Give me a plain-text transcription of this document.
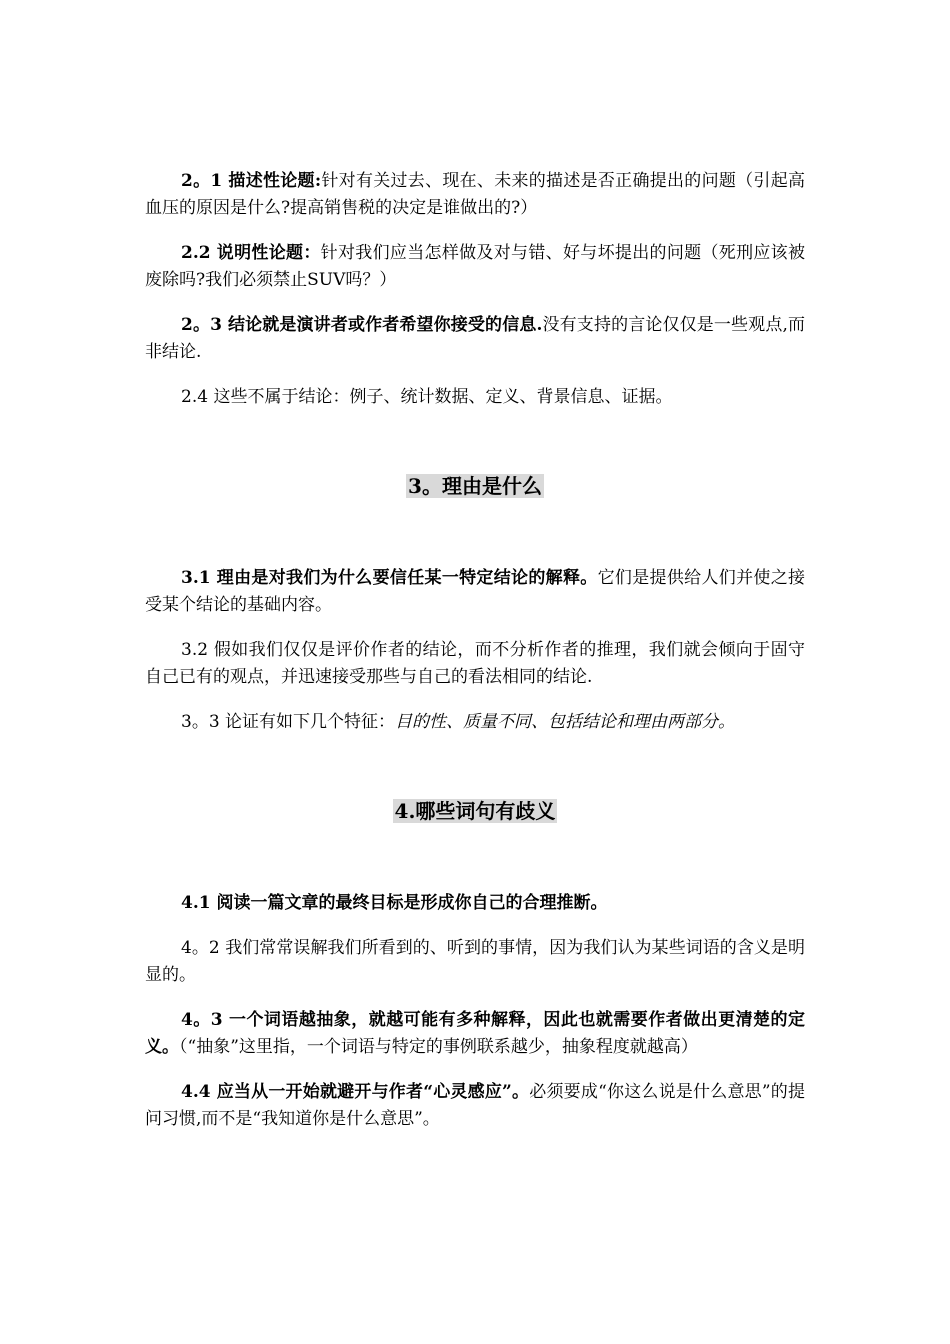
2。1 描述性论题:针对有关过去、现在、未来的描述是否正确提出的问题（引起高血压的原因是什么?提高销售税的决定是谁做出的?）

2.2 说明性论题：针对我们应当怎样做及对与错、好与坏提出的问题（死刑应该被废除吗?我们必须禁止SUV吗？）

2。3 结论就是演讲者或作者希望你接受的信息.没有支持的言论仅仅是一些观点,而非结论.

2.4 这些不属于结论：例子、统计数据、定义、背景信息、证据。

3。理由是什么

3.1 理由是对我们为什么要信任某一特定结论的解释。它们是提供给人们并使之接受某个结论的基础内容。

3.2 假如我们仅仅是评价作者的结论，而不分析作者的推理，我们就会倾向于固守自己已有的观点，并迅速接受那些与自己的看法相同的结论.

3。3 论证有如下几个特征：目的性、质量不同、包括结论和理由两部分。

4.哪些词句有歧义

4.1 阅读一篇文章的最终目标是形成你自己的合理推断。

4。2 我们常常误解我们所看到的、听到的事情，因为我们认为某些词语的含义是明显的。

4。3 一个词语越抽象，就越可能有多种解释，因此也就需要作者做出更清楚的定义。（“抽象”这里指，一个词语与特定的事例联系越少，抽象程度就越高）

4.4 应当从一开始就避开与作者“心灵感应”。必须要成“你这么说是什么意思”的提问习惯,而不是“我知道你是什么意思”。
